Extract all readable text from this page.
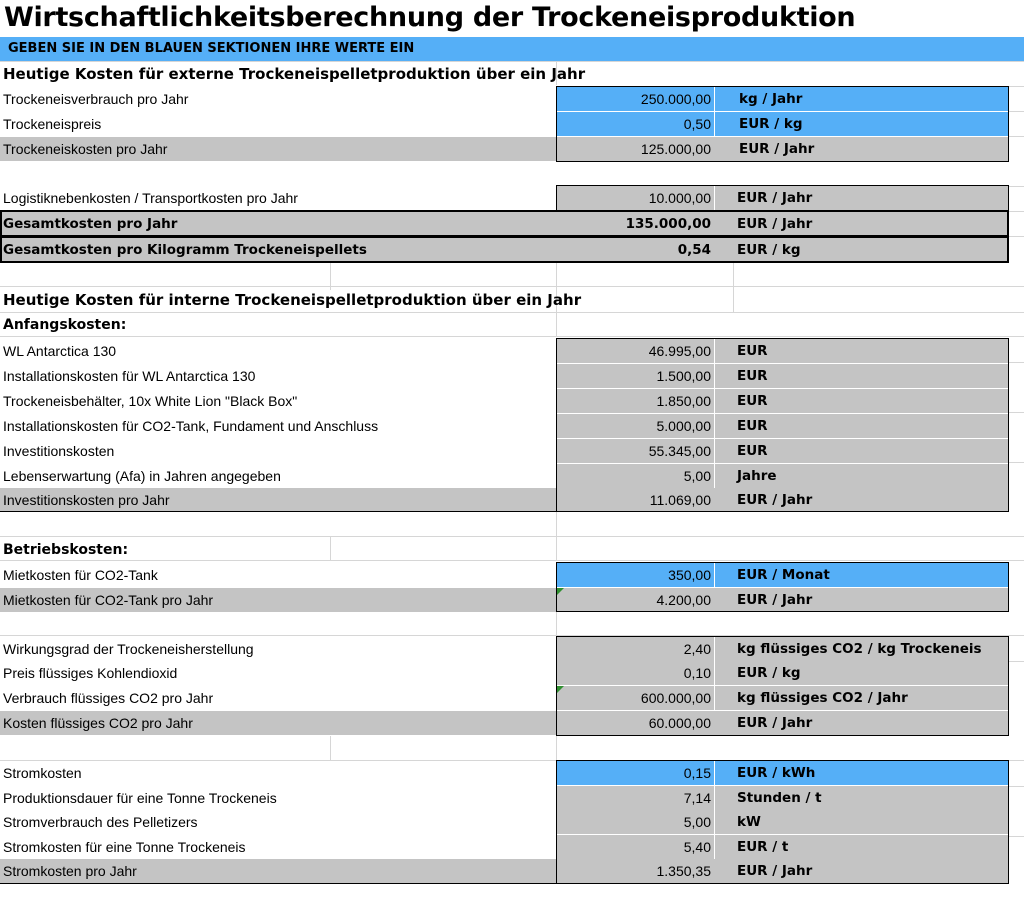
Wirtschaftlichkeitsberechnung der Trockeneisproduktion
GEBEN SIE IN DEN BLAUEN SEKTIONEN IHRE WERTE EIN
Heutige Kosten für externe Trockeneispelletproduktion über ein Jahr
Trockeneisverbrauch pro Jahr	250.000,00	kg / Jahr
Trockeneispreis	0,50	EUR / kg
Trockeneiskosten pro Jahr	125.000,00	EUR / Jahr
Logistiknebenkosten / Transportkosten pro Jahr	10.000,00	EUR / Jahr
Gesamtkosten pro Jahr	135.000,00	EUR / Jahr
Gesamtkosten pro Kilogramm Trockeneispellets	0,54	EUR / kg
Heutige Kosten für interne Trockeneispelletproduktion über ein Jahr
Anfangskosten:
WL Antarctica 130	46.995,00	EUR
Installationskosten für WL Antarctica 130	1.500,00	EUR
Trockeneisbehälter, 10x White Lion "Black Box"	1.850,00	EUR
Installationskosten für CO2-Tank, Fundament und Anschluss	5.000,00	EUR
Investitionskosten	55.345,00	EUR
Lebenserwartung (Afa) in Jahren angegeben	5,00	Jahre
Investitionskosten pro Jahr	11.069,00	EUR / Jahr
Betriebskosten:
Mietkosten für CO2-Tank	350,00	EUR / Monat
Mietkosten für CO2-Tank pro Jahr	4.200,00	EUR / Jahr
Wirkungsgrad der Trockeneisherstellung	2,40	kg flüssiges CO2 / kg Trockeneis
Preis flüssiges Kohlendioxid	0,10	EUR / kg
Verbrauch flüssiges CO2 pro Jahr	600.000,00	kg flüssiges CO2 / Jahr
Kosten flüssiges CO2 pro Jahr	60.000,00	EUR / Jahr
Stromkosten	0,15	EUR / kWh
Produktionsdauer für eine Tonne Trockeneis	7,14	Stunden / t
Stromverbrauch des Pelletizers	5,00	kW
Stromkosten für eine Tonne Trockeneis	5,40	EUR / t
Stromkosten pro Jahr	1.350,35	EUR / Jahr
